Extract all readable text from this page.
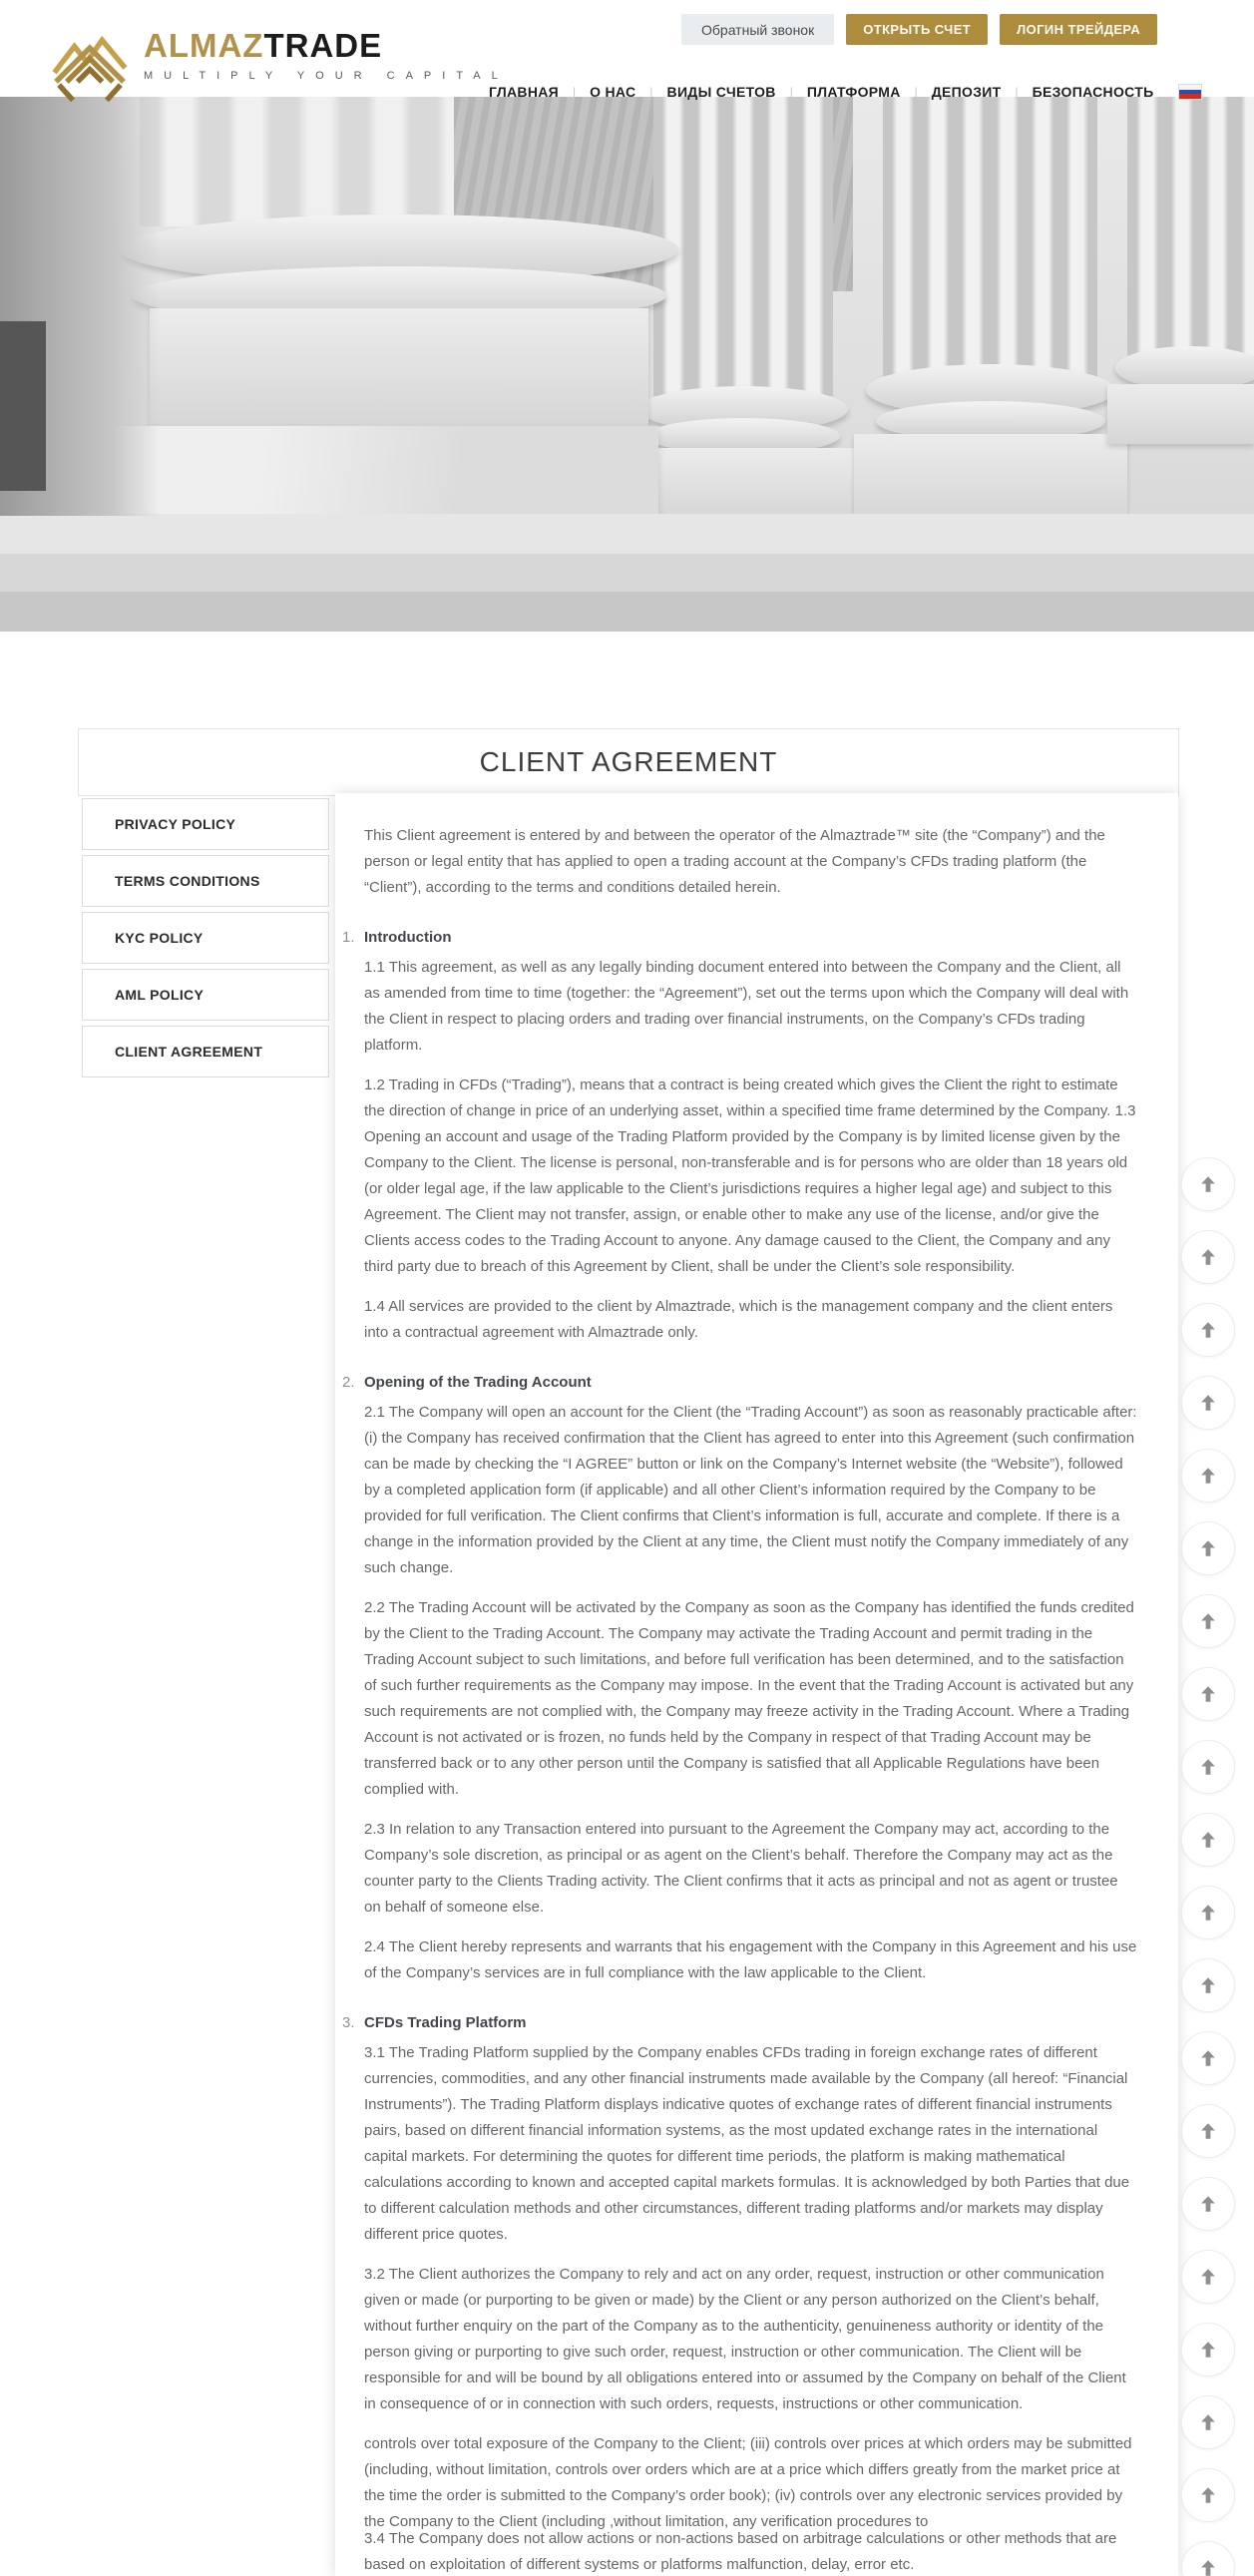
ALMAZTRADE
MULTIPLY YOUR CAPITAL
Обратный звонок	ОТКРЫТЬ СЧЕТ	ЛОГИН ТРЕЙДЕРА
ГЛАВНАЯ | О НАС | ВИДЫ СЧЕТОВ | ПЛАТФОРМА | ДЕПОЗИТ | БЕЗОПАСНОСТЬ
CLIENT AGREEMENT
PRIVACY POLICY
TERMS CONDITIONS
KYC POLICY
AML POLICY
CLIENT AGREEMENT

This Client agreement is entered by and between the operator of the Almaztrade™ site (the “Company”) and the person or legal entity that has applied to open a trading account at the Company’s CFDs trading platform (the “Client”), according to the terms and conditions detailed herein.

1. Introduction

1.1 This agreement, as well as any legally binding document entered into between the Company and the Client, all as amended from time to time (together: the “Agreement”), set out the terms upon which the Company will deal with the Client in respect to placing orders and trading over financial instruments, on the Company’s CFDs trading platform.

1.2 Trading in CFDs (“Trading”), means that a contract is being created which gives the Client the right to estimate the direction of change in price of an underlying asset, within a specified time frame determined by the Company. 1.3 Opening an account and usage of the Trading Platform provided by the Company is by limited license given by the Company to the Client. The license is personal, non-transferable and is for persons who are older than 18 years old (or older legal age, if the law applicable to the Client’s jurisdictions requires a higher legal age) and subject to this Agreement. The Client may not transfer, assign, or enable other to make any use of the license, and/or give the Clients access codes to the Trading Account to anyone. Any damage caused to the Client, the Company and any third party due to breach of this Agreement by Client, shall be under the Client’s sole responsibility.

1.4 All services are provided to the client by Almaztrade, which is the management company and the client enters into a contractual agreement with Almaztrade only.

2. Opening of the Trading Account

2.1 The Company will open an account for the Client (the “Trading Account”) as soon as reasonably practicable after: (i) the Company has received confirmation that the Client has agreed to enter into this Agreement (such confirmation can be made by checking the “I AGREE” button or link on the Company’s Internet website (the “Website”), followed by a completed application form (if applicable) and all other Client’s information required by the Company to be provided for full verification. The Client confirms that Client’s information is full, accurate and complete. If there is a change in the information provided by the Client at any time, the Client must notify the Company immediately of any such change.

2.2 The Trading Account will be activated by the Company as soon as the Company has identified the funds credited by the Client to the Trading Account. The Company may activate the Trading Account and permit trading in the Trading Account subject to such limitations, and before full verification has been determined, and to the satisfaction of such further requirements as the Company may impose. In the event that the Trading Account is activated but any such requirements are not complied with, the Company may freeze activity in the Trading Account. Where a Trading Account is not activated or is frozen, no funds held by the Company in respect of that Trading Account may be transferred back or to any other person until the Company is satisfied that all Applicable Regulations have been complied with.

2.3 In relation to any Transaction entered into pursuant to the Agreement the Company may act, according to the Company’s sole discretion, as principal or as agent on the Client’s behalf. Therefore the Company may act as the counter party to the Clients Trading activity. The Client confirms that it acts as principal and not as agent or trustee on behalf of someone else.

2.4 The Client hereby represents and warrants that his engagement with the Company in this Agreement and his use of the Company’s services are in full compliance with the law applicable to the Client.

3. CFDs Trading Platform

3.1 The Trading Platform supplied by the Company enables CFDs trading in foreign exchange rates of different currencies, commodities, and any other financial instruments made available by the Company (all hereof: “Financial Instruments”). The Trading Platform displays indicative quotes of exchange rates of different financial instruments pairs, based on different financial information systems, as the most updated exchange rates in the international capital markets. For determining the quotes for different time periods, the platform is making mathematical calculations according to known and accepted capital markets formulas. It is acknowledged by both Parties that due to different calculation methods and other circumstances, different trading platforms and/or markets may display different price quotes.

3.2 The Client authorizes the Company to rely and act on any order, request, instruction or other communication given or made (or purporting to be given or made) by the Client or any person authorized on the Client’s behalf, without further enquiry on the part of the Company as to the authenticity, genuineness authority or identity of the person giving or purporting to give such order, request, instruction or other communication. The Client will be responsible for and will be bound by all obligations entered into or assumed by the Company on behalf of the Client in consequence of or in connection with such orders, requests, instructions or other communication.

controls over total exposure of the Company to the Client; (iii) controls over prices at which orders may be submitted (including, without limitation, controls over orders which are at a price which differs greatly from the market price at the time the order is submitted to the Company’s order book); (iv) controls over any electronic services provided by the Company to the Client (including ,without limitation, any verification procedures to

3.4 The Company does not allow actions or non-actions based on arbitrage calculations or other methods that are based on exploitation of different systems or platforms malfunction, delay, error etc.
